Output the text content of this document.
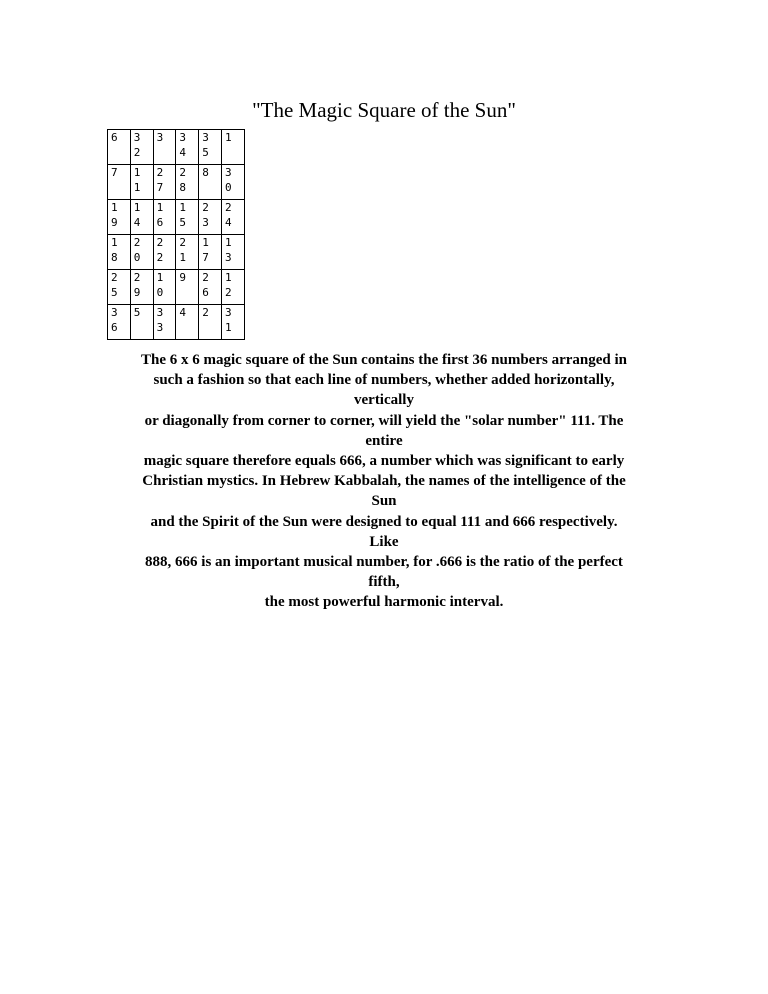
"The Magic Square of the Sun"
6	32	3	34	35	1

7	11	27	28	8	30

19	14	16	15	23	24

18	20	22	21	17	13

25	29	10	9	26	12

36	5	33	4	2	31
The 6 x 6 magic square of the Sun contains the first 36 numbers arranged in
such a fashion so that each line of numbers, whether added horizontally,
vertically
or diagonally from corner to corner, will yield the "solar number" 111. The
entire
magic square therefore equals 666, a number which was significant to early
Christian mystics. In Hebrew Kabbalah, the names of the intelligence of the
Sun
and the Spirit of the Sun were designed to equal 111 and 666 respectively.
Like
888, 666 is an important musical number, for .666 is the ratio of the perfect
fifth,
the most powerful harmonic interval.
